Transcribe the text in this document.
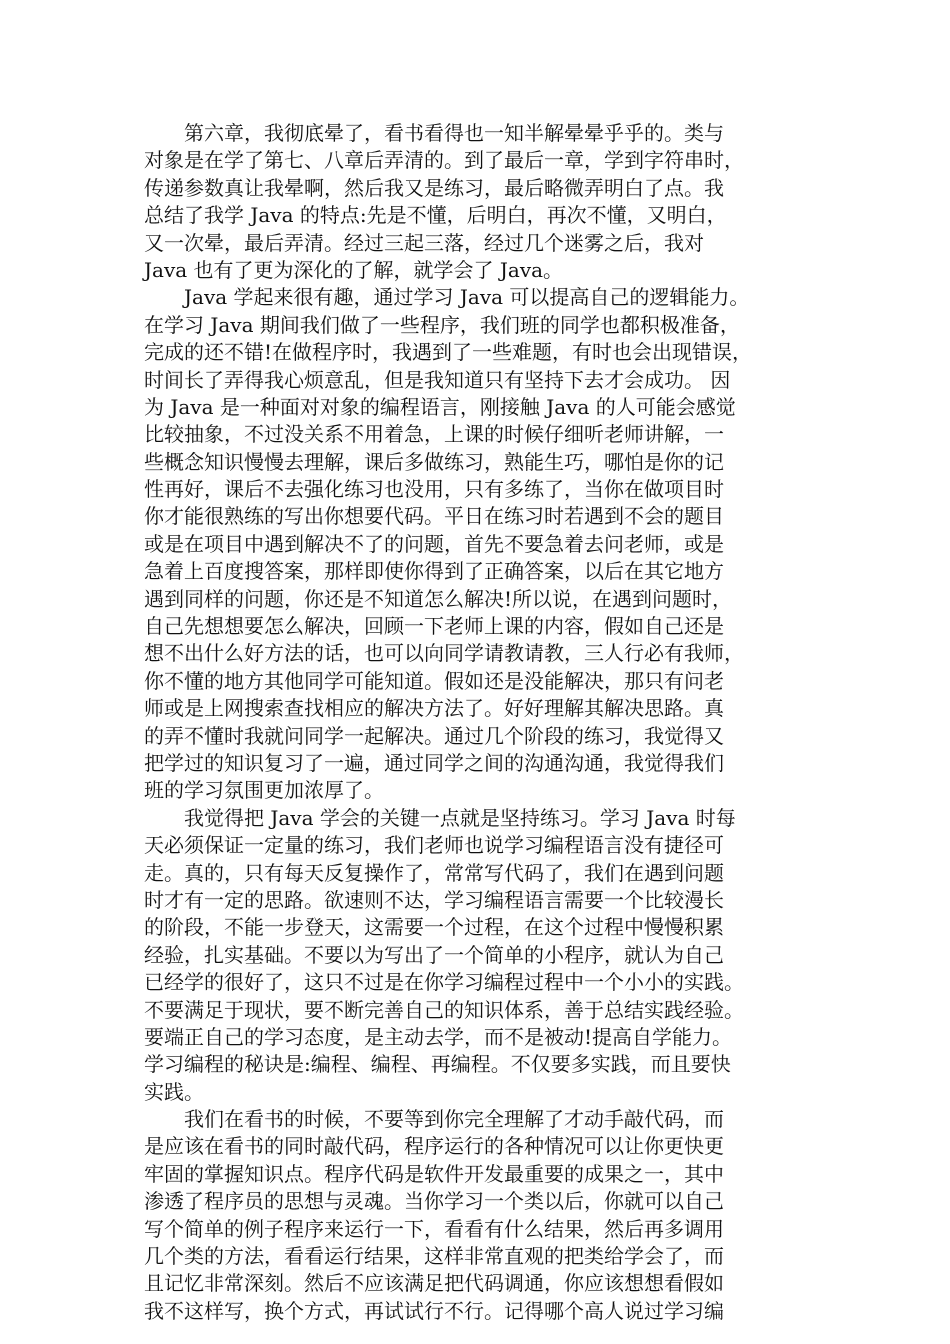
　　第六章，我彻底晕了，看书看得也一知半解晕晕乎乎的。类与
对象是在学了第七、八章后弄清的。到了最后一章，学到字符串时，
传递参数真让我晕啊，然后我又是练习，最后略微弄明白了点。我
总结了我学 Java 的特点:先是不懂，后明白，再次不懂，又明白，
又一次晕，最后弄清。经过三起三落，经过几个迷雾之后，我对
Java 也有了更为深化的了解，就学会了 Java。
　　Java 学起来很有趣，通过学习 Java 可以提高自己的逻辑能力。
在学习 Java 期间我们做了一些程序，我们班的同学也都积极准备，
完成的还不错!在做程序时，我遇到了一些难题，有时也会出现错误，
时间长了弄得我心烦意乱，但是我知道只有坚持下去才会成功。 因
为 Java 是一种面对对象的编程语言，刚接触 Java 的人可能会感觉
比较抽象，不过没关系不用着急，上课的时候仔细听老师讲解，一
些概念知识慢慢去理解，课后多做练习，熟能生巧，哪怕是你的记
性再好，课后不去强化练习也没用，只有多练了，当你在做项目时
你才能很熟练的写出你想要代码。平日在练习时若遇到不会的题目
或是在项目中遇到解决不了的问题，首先不要急着去问老师，或是
急着上百度搜答案，那样即使你得到了正确答案，以后在其它地方
遇到同样的问题，你还是不知道怎么解决!所以说，在遇到问题时，
自己先想想要怎么解决，回顾一下老师上课的内容，假如自己还是
想不出什么好方法的话，也可以向同学请教请教，三人行必有我师，
你不懂的地方其他同学可能知道。假如还是没能解决，那只有问老
师或是上网搜索查找相应的解决方法了。好好理解其解决思路。真
的弄不懂时我就问同学一起解决。通过几个阶段的练习，我觉得又
把学过的知识复习了一遍，通过同学之间的沟通沟通，我觉得我们
班的学习氛围更加浓厚了。
　　我觉得把 Java 学会的关键一点就是坚持练习。学习 Java 时每
天必须保证一定量的练习，我们老师也说学习编程语言没有捷径可
走。真的，只有每天反复操作了，常常写代码了，我们在遇到问题
时才有一定的思路。欲速则不达，学习编程语言需要一个比较漫长
的阶段，不能一步登天，这需要一个过程，在这个过程中慢慢积累
经验，扎实基础。不要以为写出了一个简单的小程序，就认为自己
已经学的很好了，这只不过是在你学习编程过程中一个小小的实践。
不要满足于现状，要不断完善自己的知识体系，善于总结实践经验。
要端正自己的学习态度，是主动去学，而不是被动!提高自学能力。
学习编程的秘诀是:编程、编程、再编程。不仅要多实践，而且要快
实践。
　　我们在看书的时候，不要等到你完全理解了才动手敲代码，而
是应该在看书的同时敲代码，程序运行的各种情况可以让你更快更
牢固的掌握知识点。程序代码是软件开发最重要的成果之一，其中
渗透了程序员的思想与灵魂。当你学习一个类以后，你就可以自己
写个简单的例子程序来运行一下，看看有什么结果，然后再多调用
几个类的方法，看看运行结果，这样非常直观的把类给学会了，而
且记忆非常深刻。然后不应该满足把代码调通，你应该想想看假如
我不这样写，换个方式，再试试行不行。记得哪个高人说过学习编
